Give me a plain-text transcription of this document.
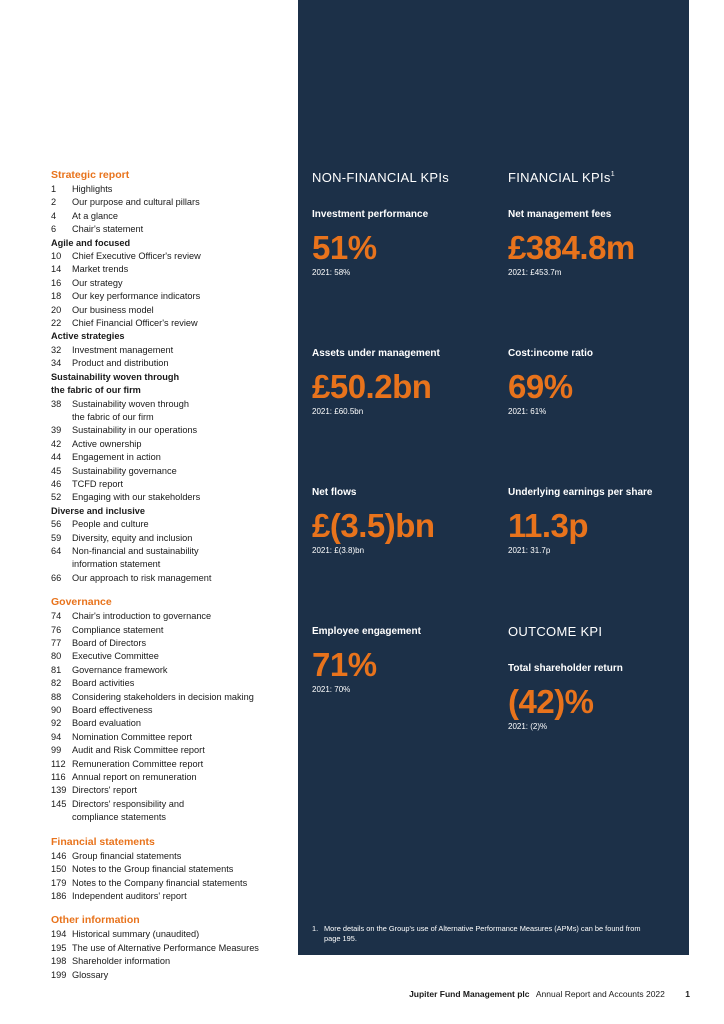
Strategic report
1	Highlights
2	Our purpose and cultural pillars
4	At a glance
6	Chair's statement
Agile and focused
10	Chief Executive Officer's review
14	Market trends
16	Our strategy
18	Our key performance indicators
20	Our business model
22	Chief Financial Officer's review
Active strategies
32	Investment management
34	Product and distribution
Sustainability woven through the fabric of our firm
38	Sustainability woven through
the fabric of our firm
39	Sustainability in our operations
42	Active ownership
44	Engagement in action
45	Sustainability governance
46	TCFD report
52	Engaging with our stakeholders
Diverse and inclusive
56	People and culture
59	Diversity, equity and inclusion
64	Non-financial and sustainability
information statement
66	Our approach to risk management
Governance
74	Chair's introduction to governance
76	Compliance statement
77	Board of Directors
80	Executive Committee
81	Governance framework
82	Board activities
88	Considering stakeholders in decision making
90	Board effectiveness
92	Board evaluation
94	Nomination Committee report
99	Audit and Risk Committee report
112 Remuneration Committee report
116 Annual report on remuneration
139 Directors' report
145 Directors' responsibility and
compliance statements
Financial statements
146 Group financial statements
150 Notes to the Group financial statements
179 Notes to the Company financial statements
186 Independent auditors' report
Other information
194 Historical summary (unaudited)
195 The use of Alternative Performance Measures
198 Shareholder information
199 Glossary
NON-FINANCIAL KPIs	FINANCIAL KPIs$^1$
Investment performance
51%
2021: 58%
Net management fees
£384.8m
2021: £453.7m
Assets under management
£50.2bn
2021: £60.5bn
Cost:income ratio
69%
2021: 61%
Net flows
£(3.5)bn
2021: £(3.8)bn
Underlying earnings per share
11.3p
2021: 31.7p
Employee engagement
71%
2021: 70%
OUTCOME KPI
Total shareholder return
(42)%
2021: (2)%
1. More details on the Group's use of Alternative Performance Measures (APMs) can be found from page 195.
Jupiter Fund Management plc Annual Report and Accounts 2022 1
